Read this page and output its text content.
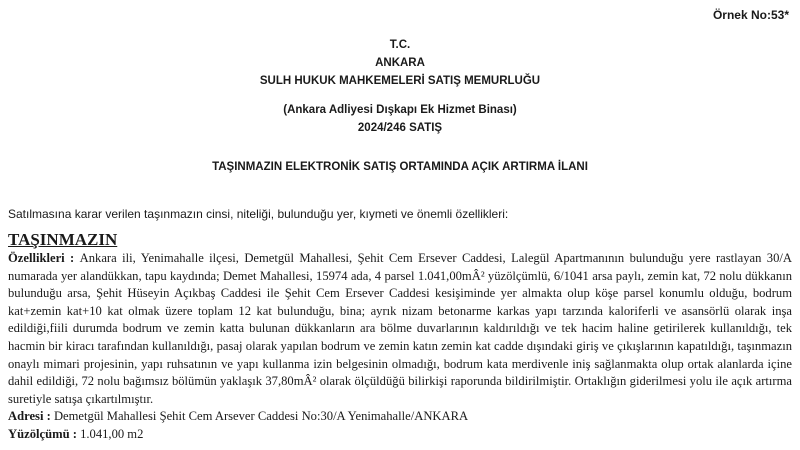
Örnek No:53*
T.C.
ANKARA
SULH HUKUK MAHKEMELERİ SATIŞ MEMURLUĞU
(Ankara Adliyesi Dışkapı Ek Hizmet Binası)
2024/246 SATIŞ
TAŞINMAZIN ELEKTRONİK SATIŞ ORTAMINDA AÇIK ARTIRMA İLANI
Satılmasına karar verilen taşınmazın cinsi, niteliği, bulunduğu yer, kıymeti ve önemli özellikleri:
TAŞINMAZIN
Özellikleri : Ankara ili, Yenimahalle ilçesi, Demetgül Mahallesi, Şehit Cem Ersever Caddesi, Lalegül Apartmanının bulunduğu yere rastlayan 30/A numarada yer alandükkan, tapu kaydında; Demet Mahallesi, 15974 ada, 4 parsel 1.041,00mÂ² yüzölçümlü, 6/1041 arsa paylı, zemin kat, 72 nolu dükkanın bulunduğu arsa, Şehit Hüseyin Açıkbaş Caddesi ile Şehit Cem Ersever Caddesi kesişiminde yer almakta olup köşe parsel konumlu olduğu, bodrum kat+zemin kat+10 kat olmak üzere toplam 12 kat bulunduğu, bina; ayrık nizam betonarme karkas yapı tarzında kaloriferli ve asansörlü olarak inşa edildiği,fiili durumda bodrum ve zemin katta bulunan dükkanların ara bölme duvarlarının kaldırıldığı ve tek hacim haline getirilerek kullanıldığı, tek hacmin bir kiracı tarafından kullanıldığı, pasaj olarak yapılan bodrum ve zemin katın zemin kat cadde dışındaki giriş ve çıkışlarının kapatıldığı, taşınmazın onaylı mimari projesinin, yapı ruhsatının ve yapı kullanma izin belgesinin olmadığı, bodrum kata merdivenle iniş sağlanmakta olup ortak alanlarda içine dahil edildiği, 72 nolu bağımsız bölümün yaklaşık 37,80mÂ² olarak ölçüldüğü bilirkişi raporunda bildirilmiştir. Ortaklığın giderilmesi yolu ile açık artırma suretiyle satışa çıkartılmıştır.
Adresi : Demetgül Mahallesi Şehit Cem Arsever Caddesi No:30/A Yenimahalle/ANKARA
Yüzölçümü : 1.041,00 m2
